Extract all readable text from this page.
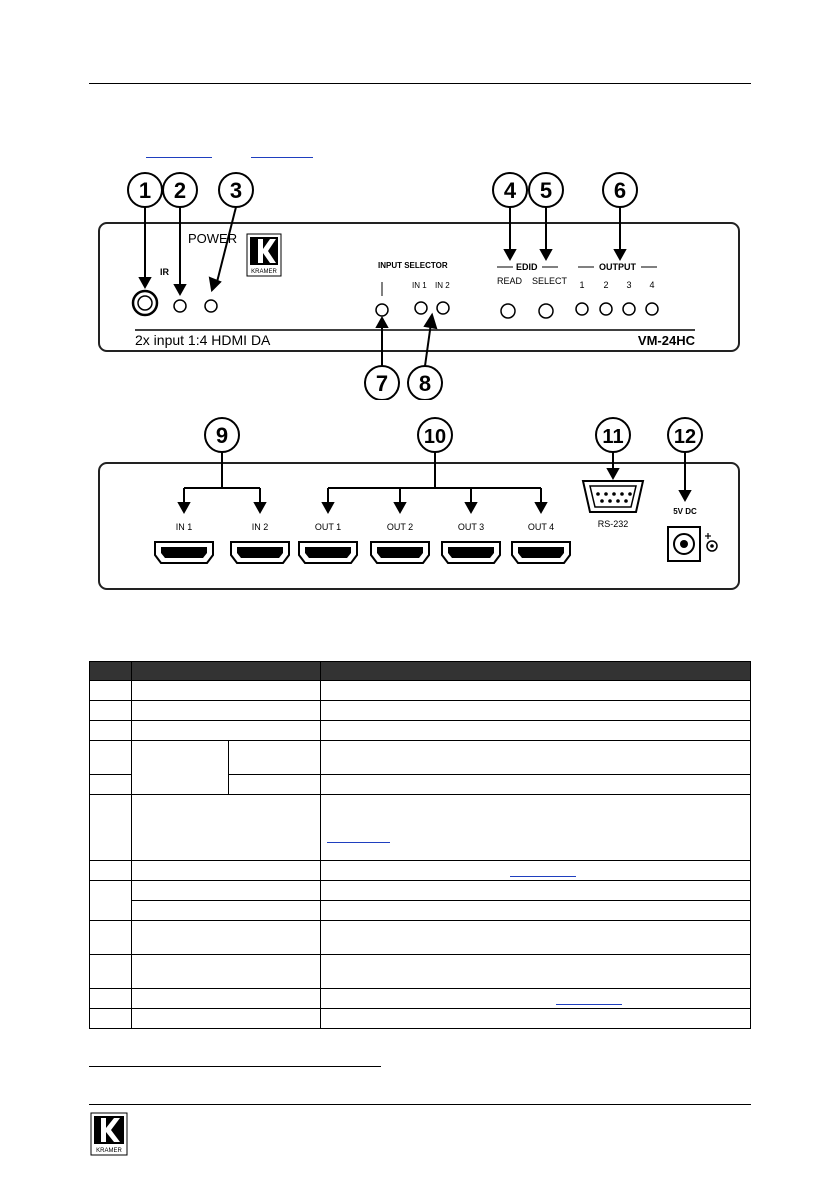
1 2 3	4 5	6
POWER
KRAMER
IR
INPUT SELECTOR
IN 1 IN 2
EDID
READ SELECT
OUTPUT
1 2 3 4
2x input 1:4 HDMI DA	VM-24HC
7 8
9	10	11	12
IN 1	IN 2	OUT 1	OUT 2	OUT 3	OUT 4	RS-232
5V DC

KRAMER
